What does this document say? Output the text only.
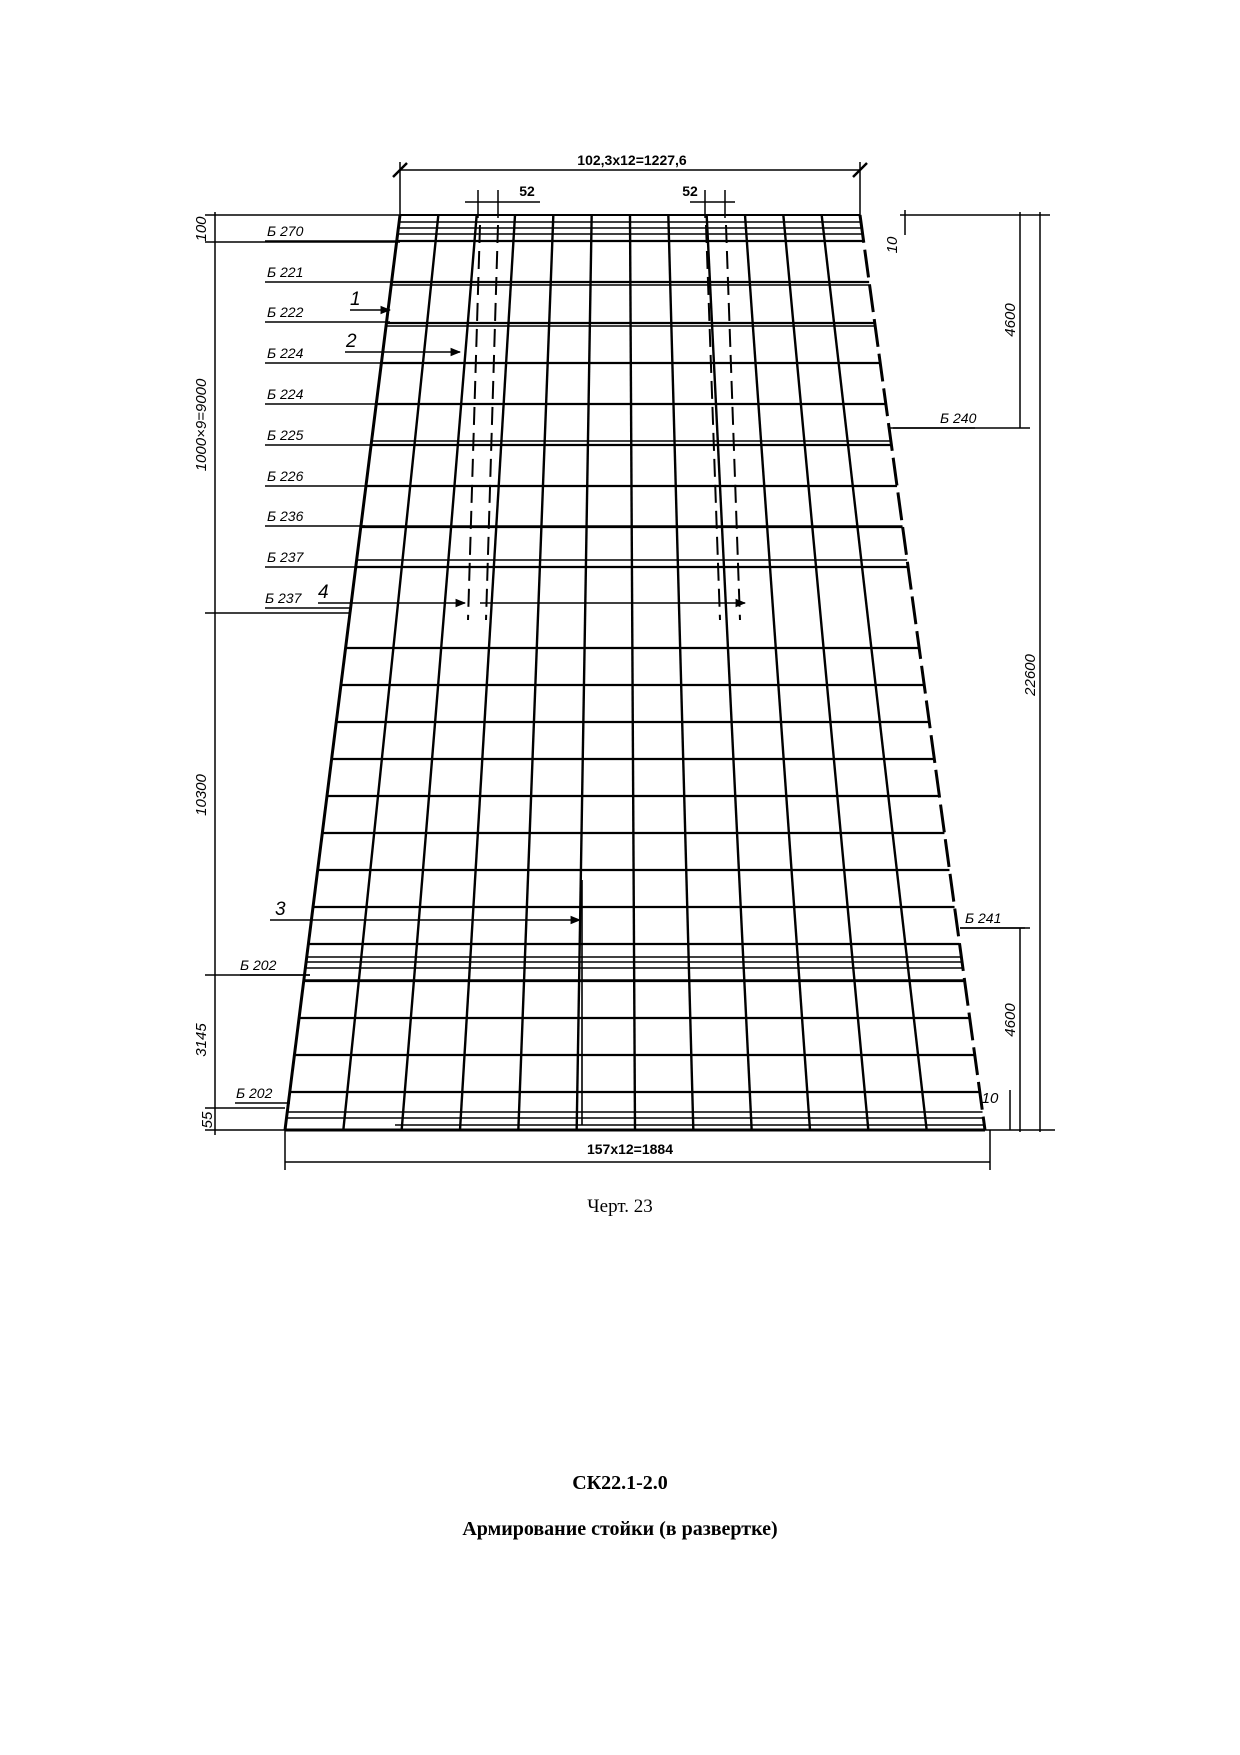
102,3x12=1227,6
52	52
157x12=1884
100
1000×9=9000
10300
3145
55
22600
4600
4600
10
10
Б 270
Б 221
Б 222
Б 224
Б 224
Б 225
Б 226
Б 236
Б 237
Б 237
Б 202
Б 202
Б 240
Б 241
1
2
3
4
Черт. 23
СК22.1-2.0
Армирование стойки (в развертке)
